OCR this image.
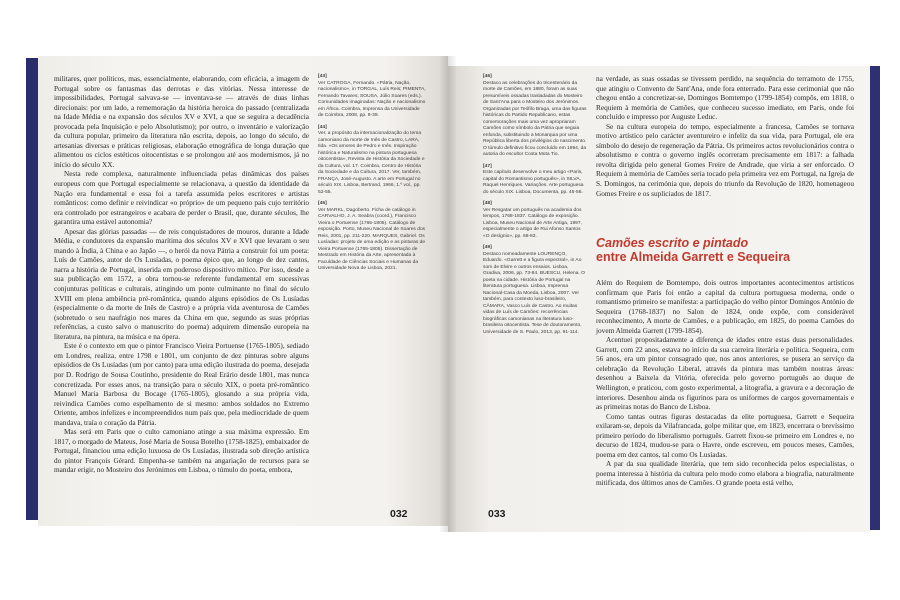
militares, quer políticos, mas, essencialmente, elaborando, com eficácia, a imagem de Portugal sobre os fantasmas das derrotas e das vitórias. Nessa interesse de impossibilidades, Portugal salvava-se — inventava-se — através de duas linhas direcionais: por um lado, a rememoração da história heroica do passado (centralizada na Idade Média e na expansão dos séculos XV e XVI, a que se seguira a decadência provocada pela Inquisição e pelo Absolutismo); por outro, o inventário e valorização da cultura popular, primeiro da literatura não escrita, depois, ao longo do século, de artesanias diversas e práticas religiosas, elaboração etnográfica de longa duração que alimentou os ciclos estéticos oitocentistas e se prolongou até aos modernismos, já no início do século XX.

Nesta rede complexa, naturalmente influenciada pelas dinâmicas dos países europeus com que Portugal especialmente se relacionava, a questão da identidade da Nação era fundamental e essa foi a tarefa assumida pelos escritores e artistas românticos: como definir e reivindicar «o próprio» de um pequeno país cujo território era controlado por estrangeiros e acabara de perder o Brasil, que, durante séculos, lhe garantira uma estável autonomia?

Apesar das glórias passadas — de reis conquistadores de mouros, durante a Idade Média, e condutores da expansão marítima dos séculos XV e XVI que levaram o seu mando à Índia, à China e ao Japão —, o herói da nova Pátria a construir foi um poeta: Luís de Camões, autor de Os Lusíadas, o poema épico que, ao longo de dez cantos, narra a história de Portugal, inserida em poderoso dispositivo mítico. Por isso, desde a sua publicação em 1572, a obra tornou-se referente fundamental em sucessivas conjunturas políticas e culturais, atingindo um ponte culminante no final do século XVIII em plena ambiência pré-romântica, quando alguns episódios de Os Lusíadas (especialmente o da morte de Inês de Castro) e a própria vida aventurosa de Camões (sobretudo o seu naufrágio nos mares da China em que, segundo as suas próprias referências, a custo salvo o manuscrito do poema) adquirem dimensão europeia na literatura, na pintura, na música e na ópera.

Este é o contexto em que o pintor Francisco Vieira Portuense (1765-1805), sediado em Londres, realiza, entre 1798 e 1801, um conjunto de dez pinturas sobre alguns episódios de Os Lusíadas (um por canto) para uma edição ilustrada do poema, desejada por D. Rodrigo de Sousa Coutinho, presidente do Real Erário desde 1801, mas nunca concretizada. Por esses anos, na transição para o século XIX, o poeta pré-romântico Manuel Maria Barbosa du Bocage (1765-1805), glosando a sua própria vida, reivindica Camões como espelhamento de si mesmo: ambos soldados no Extremo Oriente, ambos infelizes e incompreendidos num país que, pela mediocridade de quem mandava, traía o coração da Pátria.

Mas será em Paris que o culto camoniano atinge a sua máxima expressão. Em 1817, o morgado de Mateus, José Maria de Sousa Botelho (1758-1825), embaixador de Portugal, financiou uma edição luxuosa de Os Lusíadas, ilustrada sob direção artística do pintor François Gérard. Empenha-se também na angariação de recursos para se mandar erigir, no Mosteiro dos Jerónimos em Lisboa, o túmulo do poeta, embora,

[43]
Ver CATROGA, Fernando. «Pátria, Nação, nacionalismo», in TORGAL, Luís Reis; PIMENTA, Fernando Tavares; SOUSA, Júlio Soares (eds.). Comunidades imaginadas: Nação e nacionalismo em África. Coimbra, Imprensa da Universidade de Coimbra, 2008, pp. 9-39.
[44]
Ver, a propósito da internacionalização do tema camoniano da morte de Inês de Castro, LARA, Ilda. «Os amores de Pedro e Inês. Inspiração histórica e Naturalismo na pintura portuguesa oitocentista», Revista de História da Sociedade e da Cultura, vol. 17. Coimbra, Centro de História da Sociedade e da Cultura, 2017. Ver, também, FRANÇA, José-Augusto. A arte em Portugal no século XIX. Lisboa, Bertrand, 1966, 1.º vol., pp. 52-55.
[45]
Ver MARKL, Dagoberto. Ficha de catálogo in CARVALHO, J. A. Seabra (coord.), Francisco Vieira o Portuense (1765-1805). Catálogo de exposição. Porto, Museu Nacional de Soares dos Reis, 2001, pp. 211-220. MARQUES, Gabriel. Os Lusíadas: projeto de uma edição e as pinturas de Vieira Portuense (1765-1805). Dissertação de Mestrado em História da Arte, apresentada à Faculdade de Ciências Sociais e Humanas da Universidade Nova de Lisboa, 2021.
[46]
Destaco as celebrações do tricentenário da morte de Camões, em 1880, foram as suas presumíveis ossadas trasladadas do Mosteiro de Sant'Ana para o Mosteiro dos Jerónimos. Organizadas por Teófilo Braga, uma das figuras históricas do Partido Republicano, estas comemorações mais uma vez apropriaram Camões como símbolo da Pátria que seguia enfunda, substituindo a Monarquia por uma República liberta dos privilégios do nascimento. O túmulo definitivo ficou concluído em 1894, da autoria do escultor Costa Mota Tio.
[47]
Este capítulo desenvolve o meu artigo «Paris, capital do Romantismo português», in SILVA, Raquel Henriques. Variações. Arte portuguesa do século XIX. Lisboa, Documenta, pp. 45-56.
[48]
Ver Resgatar um português na academia dos tempos, 1768-1837. Catálogo de exposição. Lisboa, Museu Nacional de Arte Antiga, 1997, especialmente o artigo de Rui Afonso Santos «O desígnio», pp. 68-83.
[49]
Destaco nomeadamente LOURENÇO, Eduardo. «Garrett e a figura espectral», in Ao som de Elvire e outros ensaios. Lisboa, Gradiva, 2006, pp. 73-84. BUESCU, Helena. O poeta na cidade. História de Portugal na literatura portuguesa. Lisboa, Imprensa Nacional-Casa da Moeda, Lisboa, 2007. Ver também, para contexto luso-brasileiro, CÂMARA, Vasco Luís de Castro. Ao muitas vidas de Luís de Camões: recorrências biográficas camonianas na literatura luso-brasileira oitocentista. Tese de doutoramento, Universidade de S. Paulo, 2013, pp. 91-114.

na verdade, as suas ossadas se tivessem perdido, na sequência do terramoto de 1755, que atingiu o Convento de Sant'Ana, onde fora enterrado. Para esse cerimonial que não chegou então a concretizar-se, Domingos Bomtempo (1799-1854) compôs, em 1818, o Requiem à memória de Camões, que conheceu sucesso imediato, em Paris, onde foi concluído e impresso por Auguste Leduc.

Se na cultura europeia do tempo, especialmente a francesa, Camões se tornava motivo artístico pelo carácter aventureiro e infeliz da sua vida, para Portugal, ele era símbolo do desejo de regeneração da Pátria. Os primeiros actos revolucionários contra o absolutismo e contra o governo inglês ocorreram precisamente em 1817: a falhada revolta dirigida pelo general Gomes Freire de Andrade, que viria a ser enforcado. O Requiem à memória de Camões seria tocado pela primeira vez em Portugal, na Igreja de S. Domingos, na cerimónia que, depois do triunfo da Revolução de 1820, homenageou Gomes Freire e os supliciados de 1817.

Camões escrito e pintado
entre Almeida Garrett e Sequeira

Além do Requiem de Bomtempo, dois outros importantes acontecimentos artísticos confirmam que Paris foi então a capital da cultura portuguesa moderna, onde o romantismo primeiro se manifesta: a participação do velho pintor Domingos António de Sequeira (1768-1837) no Salon de 1824, onde expõe, com considerável reconhecimento, A morte de Camões, e a publicação, em 1825, do poema Camões do jovem Almeida Garrett (1799-1854).

Acentuei propositadamente a diferença de idades entre estas duas personalidades. Garrett, com 22 anos, estava no início da sua carreira literária e política. Sequeira, com 56 anos, era um pintor consagrado que, nos anos anteriores, se pusera ao serviço da celebração da Revolução Liberal, através da pintura mas também noutras áreas: desenhou a Baixela da Vitória, oferecida pelo governo português ao duque de Wellington, e praticou, com gosto experimental, a litografia, a gravura e a decoração de interiores. Desenhou ainda os figurinos para os uniformes de cargos governamentais e as primeiras notas do Banco de Lisboa.

Como tantas outras figuras destacadas da elite portuguesa, Garrett e Sequeira exilaram-se, depois da Vilafrancada, golpe militar que, em 1823, encerrara o brevíssimo primeiro período do liberalismo português. Garrett fixou-se primeiro em Londres e, no decurso de 1824, mudou-se para o Havre, onde escreveu, em poucos meses, Camões, poema em dez cantos, tal como Os Lusíadas.

A par da sua qualidade literária, que tem sido reconhecida pelos especialistas, o poema interessa à história da cultura pelo modo como elabora a biografia, naturalmente mitificada, dos últimos anos de Camões. O grande poeta está velho,

032	033
